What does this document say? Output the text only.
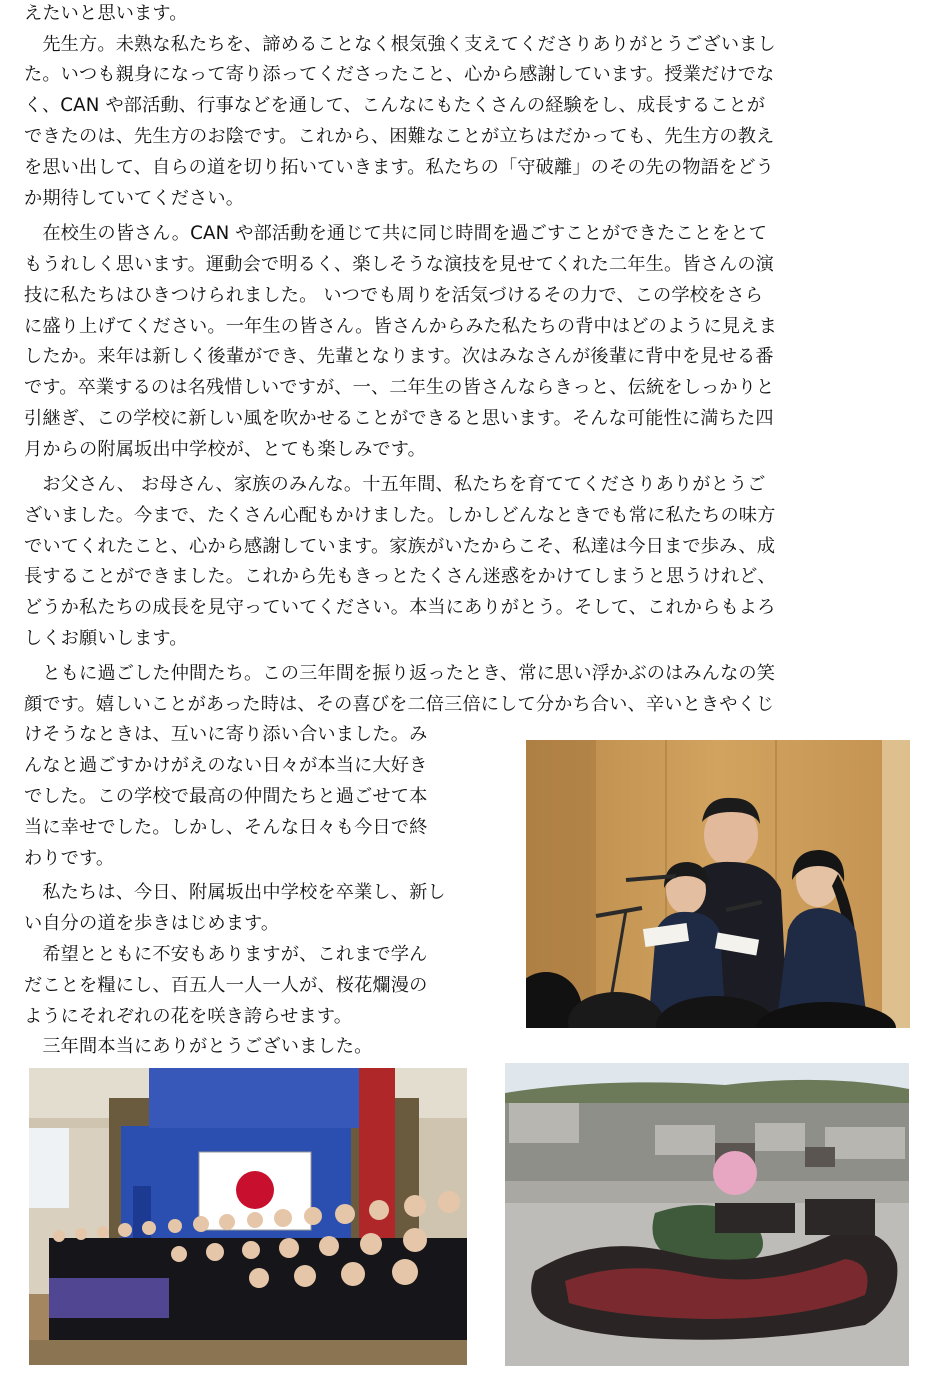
えたいと思います。

　先生方。未熟な私たちを、諦めることなく根気強く支えてくださりありがとうございまし

た。いつも親身になって寄り添ってくださったこと、心から感謝しています。授業だけでな

く、CAN や部活動、行事などを通して、こんなにもたくさんの経験をし、成長することが

できたのは、先生方のお陰です。これから、困難なことが立ちはだかっても、先生方の教え

を思い出して、自らの道を切り拓いていきます。私たちの「守破離」のその先の物語をどう

か期待していてください。

　在校生の皆さん。CAN や部活動を通じて共に同じ時間を過ごすことができたことをとて

もうれしく思います。運動会で明るく、楽しそうな演技を見せてくれた二年生。皆さんの演

技に私たちはひきつけられました。 いつでも周りを活気づけるその力で、この学校をさら

に盛り上げてください。一年生の皆さん。皆さんからみた私たちの背中はどのように見えま

したか。来年は新しく後輩ができ、先輩となります。次はみなさんが後輩に背中を見せる番

です。卒業するのは名残惜しいですが、一、二年生の皆さんならきっと、伝統をしっかりと

引継ぎ、この学校に新しい風を吹かせることができると思います。そんな可能性に満ちた四

月からの附属坂出中学校が、とても楽しみです。

　お父さん、 お母さん、家族のみんな。十五年間、私たちを育ててくださりありがとうご

ざいました。今まで、たくさん心配もかけました。しかしどんなときでも常に私たちの味方

でいてくれたこと、心から感謝しています。家族がいたからこそ、私達は今日まで歩み、成

長することができました。これから先もきっとたくさん迷惑をかけてしまうと思うけれど、

どうか私たちの成長を見守っていてください。本当にありがとう。そして、これからもよろ

しくお願いします。

　ともに過ごした仲間たち。この三年間を振り返ったとき、常に思い浮かぶのはみんなの笑

顔です。嬉しいことがあった時は、その喜びを二倍三倍にして分かち合い、辛いときやくじ

けそうなときは、互いに寄り添い合いました。み

んなと過ごすかけがえのない日々が本当に大好き

でした。この学校で最高の仲間たちと過ごせて本

当に幸せでした。しかし、そんな日々も今日で終

わりです。

　私たちは、今日、附属坂出中学校を卒業し、新し

い自分の道を歩きはじめます。

　希望とともに不安もありますが、これまで学ん

だことを糧にし、百五人一人一人が、桜花爛漫の

ようにそれぞれの花を咲き誇らせます。

　三年間本当にありがとうございました。
